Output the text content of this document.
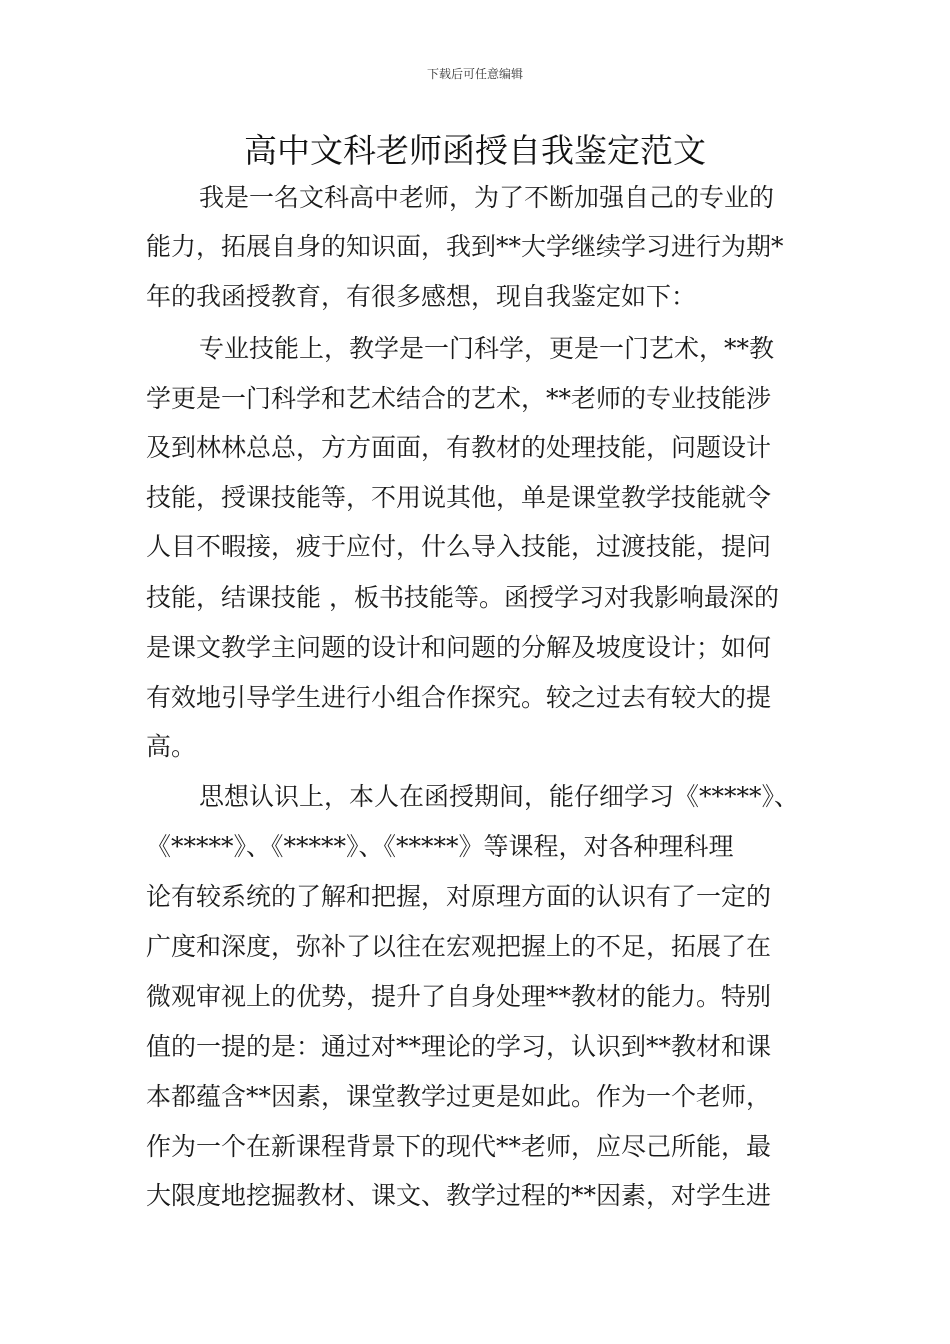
下载后可任意编辑
高中文科老师函授自我鉴定范文
我是一名文科高中老师，为了不断加强自己的专业的
能力，拓展自身的知识面，我到**大学继续学习进行为期*
年的我函授教育，有很多感想，现自我鉴定如下：
专业技能上，教学是一门科学，更是一门艺术，**教
学更是一门科学和艺术结合的艺术，**老师的专业技能涉
及到林林总总，方方面面，有教材的处理技能，问题设计
技能，授课技能等，不用说其他，单是课堂教学技能就令
人目不暇接，疲于应付，什么导入技能，过渡技能，提问
技能，结课技能 ，板书技能等。函授学习对我影响最深的
是课文教学主问题的设计和问题的分解及坡度设计；如何
有效地引导学生进行小组合作探究。较之过去有较大的提
高。
思想认识上，本人在函授期间，能仔细学习《*****》、
《*****》、《*****》、《*****》等课程，对各种理科理
论有较系统的了解和把握，对原理方面的认识有了一定的
广度和深度，弥补了以往在宏观把握上的不足，拓展了在
微观审视上的优势，提升了自身处理**教材的能力。特别
值的一提的是：通过对**理论的学习，认识到**教材和课
本都蕴含**因素，课堂教学过更是如此。作为一个老师，
作为一个在新课程背景下的现代**老师，应尽己所能，最
大限度地挖掘教材、课文、教学过程的**因素，对学生进
